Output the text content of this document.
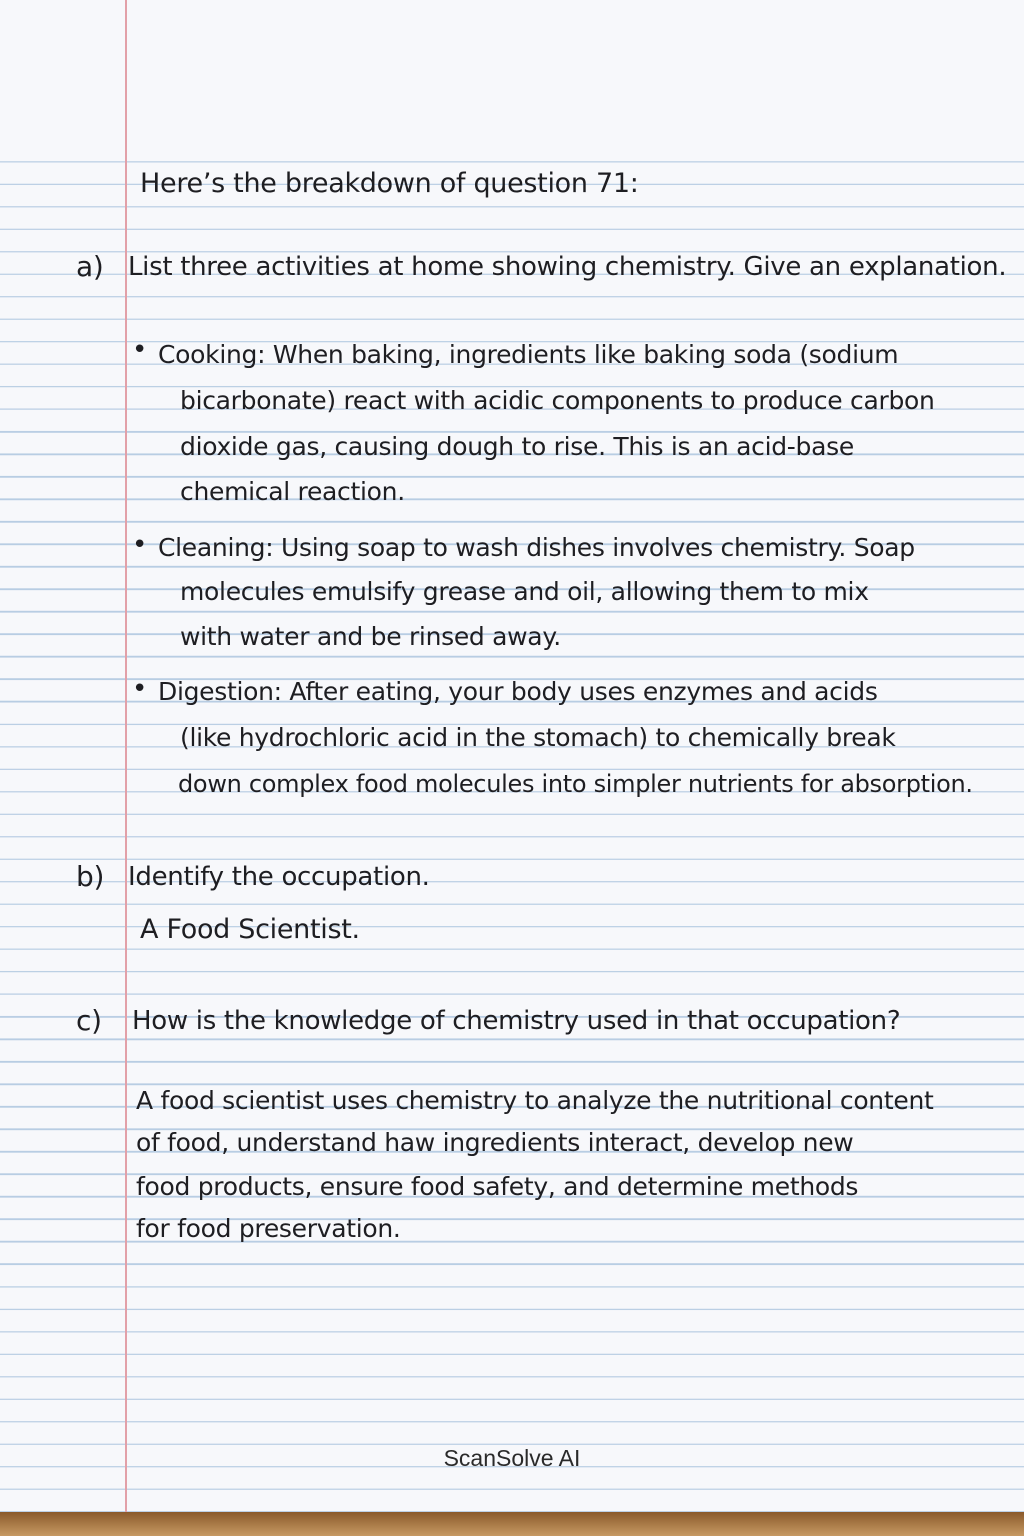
Here’s the breakdown of question 71:
a) List three activities at home showing chemistry. Give an explanation.
• Cooking: When baking, ingredients like baking soda (sodium
bicarbonate) react with acidic components to produce carbon
dioxide gas, causing dough to rise. This is an acid-base
chemical reaction.
• Cleaning: Using soap to wash dishes involves chemistry. Soap
molecules emulsify grease and oil, allowing them to mix
with water and be rinsed away.
• Digestion: After eating, your body uses enzymes and acids
(like hydrochloric acid in the stomach) to chemically break
down complex food molecules into simpler nutrients for absorption.
b) Identify the occupation.
A Food Scientist.
c) How is the knowledge of chemistry used in that occupation?
A food scientist uses chemistry to analyze the nutritional content
of food, understand haw ingredients interact, develop new
food products, ensure food safety, and determine methods
for food preservation.
ScanSolve AI
